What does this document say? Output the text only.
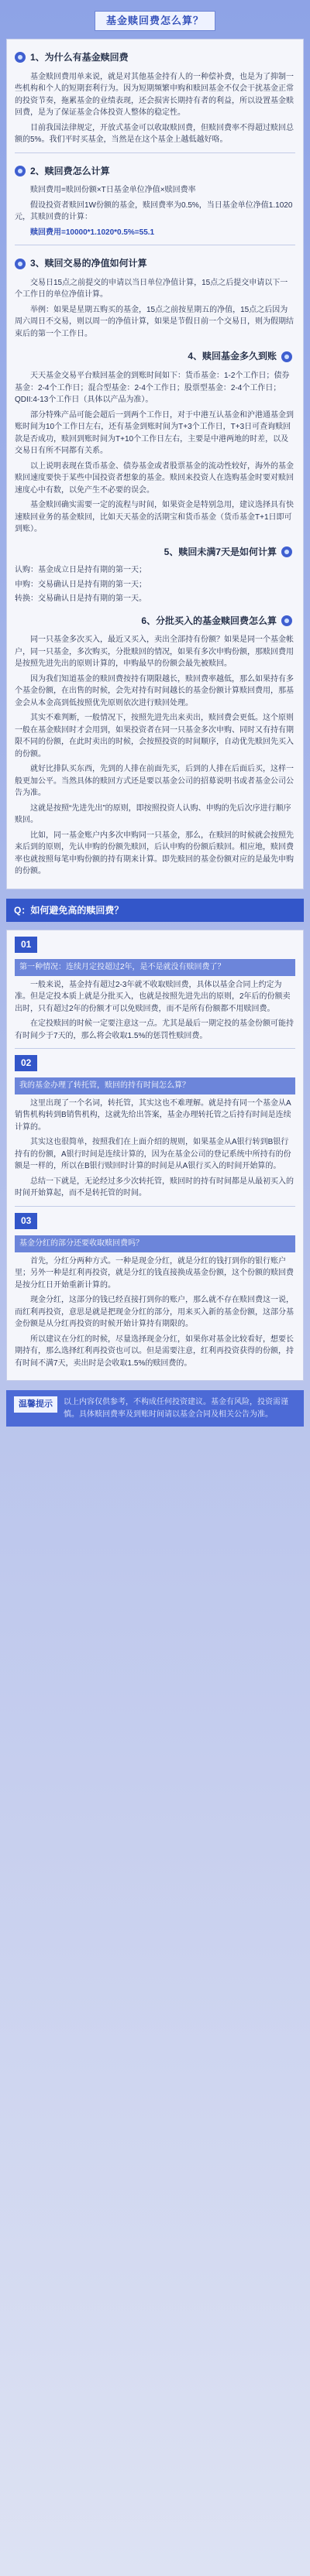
基金赎回费怎么算？
1、为什么有基金赎回费

基金赎回费用单来说，就是对其他基金持有人的一种偿补费，也是为了抑制一些机构和个人的短期套利行为。因为短期频繁申购和赎回基金不仅会干扰基金正常的投资节奏，拖累基金的业绩表现，还会损害长期持有者的利益，所以设置基金赎回费，是为了保证基金合体投资人整体的稳定性。

目前我国法律规定，开放式基金可以收取赎回费，但赎回费率不得超过赎回总额的5%。我们平时买基金，当然是在这个基金上越低越好咯。

2、赎回费怎么计算

赎回费用=赎回份额×T日基金单位净值×赎回费率

假设投资者赎回1W份额的基金，赎回费率为0.5%，当日基金单位净值1.1020元，其赎回费的计算：

赎回费用=10000*1.1020*0.5%=55.1

3、赎回交易的净值如何计算

交易日15点之前提交的申请以当日单位净值计算，15点之后提交申请以下一个工作日的单位净值计算。

举例：如果是星期五购买的基金，15点之前按星期五的净值，15点之后因为周六周日不交易，则以周一的净值计算，如果是节假日前一个交易日，则为假期结束后的第一个工作日。

4、赎回基金多久到账

天天基金交易平台赎回基金的到账时间如下：货币基金：1-2个工作日；债券基金：2-4个工作日；混合型基金：2-4个工作日；股票型基金：2-4个工作日；QDII:4-13个工作日（具体以产品为准）。

部分特殊产品可能会超后一到两个工作日，对于中港互认基金和沪港通基金到账时间为10个工作日左右，还有基金到账时间为T+3个工作日，T+3日可查询赎回款是否成功，赎回到账时间为T+10个工作日左右，主要是中港两地的时差，以及交易日有所不同都有关系。

以上说明表现在货币基金、债券基金或者股票基金的流动性较好，海外的基金赎回速度要快于某些中国投资者想象的基金。赎回来投资人在选购基金时要对赎回速度心中有数，以免产生不必要的误会。

基金赎回确实需要一定的流程与时间，如果资金是特别急用，建议选择具有快速赎回业务的基金赎回，比如天天基金的活期宝和货币基金（货币基金T+1日即可到账）。

5、赎回未满7天是如何计算

认购：基金成立日是持有期的第一天；

申购：交易确认日是持有期的第一天；

转换：交易确认日是持有期的第一天。

6、分批买入的基金赎回费怎么算

同一只基金多次买入，最近又买入，卖出全部持有份额？如果是同一个基金帐户，同一只基金，多次购买，分批赎回的情况，如果有多次申购份额，那赎回费用是按照先进先出的原则计算的，申购最早的份额会最先被赎回。

因为我们知道基金的赎回费按持有期限越长，赎回费率越低，那么如果持有多个基金份额，在出售的时候，会先对持有时间越长的基金份额计算赎回费用，那基金会从本金高到低按照优先原则依次进行赎回处理。

其实不难判断，一般情况下，按照先进先出来卖出，赎回费会更低。这个原则一般在基金赎回时才会用到，如果投资者在同一只基金多次申购、同时又有持有期限不同的份额，在此时卖出的时候，会按照投资的时间顺序，自动优先赎回先买入的份额。

就好比排队买东西，先到的人排在前面先买，后到的人排在后面后买，这样一般更加公平。当然具体的赎回方式还是要以基金公司的招募说明书或者基金公司公告为准。

这就是按照“先进先出”的原则，即按照投资人认购、申购的先后次序进行顺序赎回。

比如，同一基金账户内多次申购同一只基金，那么，在赎回的时候就会按照先来后到的原则，先认申购的份额先赎回，后认申购的份额后赎回。相应地，赎回费率也就按照每笔申购份额的持有期来计算。即先赎回的基金份额对应的是最先申购的份额。

Q：如何避免高的赎回费？
01
第一种情况：连续月定投超过2年，是不是就没有赎回费了？

一般来说，基金持有超过2-3年就不收取赎回费，具体以基金合同上约定为准。但是定投本质上就是分批买入，也就是按照先进先出的原则，2年后的份额卖出时，只有超过2年的份额才可以免赎回费，而不是所有份额都不用赎回费。

在定投赎回的时候一定要注意这一点。尤其是最后一期定投的基金份额可能持有时间少于7天的，那么将会收取1.5%的惩罚性赎回费。

02
我的基金办理了转托管，赎回的持有时间怎么算？

这里出现了一个名词，转托管，其实这也不难理解。就是持有同一个基金从A销售机构转到B销售机构，这就先给出答案，基金办理转托管之后持有时间是连续计算的。

其实这也很简单，按照我们在上面介绍的规则，如果基金从A银行转到B银行持有的份额，A银行时间是连续计算的，因为在基金公司的登记系统中所持有的份额是一样的，所以在B银行赎回时计算的时间是从A银行买入的时间开始算的。

总结一下就是，无论经过多少次转托管，赎回时的持有时间都是从最初买入的时间开始算起，而不是转托管的时间。

03
基金分红的部分还要收取赎回费吗？

首先，分红分两种方式。一种是现金分红，就是分红的钱打到你的银行账户里；另外一种是红利再投资，就是分红的钱直接换成基金份额，这个份额的赎回费是按分红日开始重新计算的。

现金分红，这部分的钱已经直接打到你的账户，那么就不存在赎回费这一说，而红利再投资，意思是就是把现金分红的部分，用来买入新的基金份额，这部分基金份额是从分红再投资的时候开始计算持有期限的。

所以建议在分红的时候，尽量选择现金分红，如果你对基金比较看好，想要长期持有，那么选择红利再投资也可以。但是需要注意，红利再投资获得的份额，持有时间不满7天，卖出时是会收取1.5%的赎回费的。

温馨提示	以上内容仅供参考，不构成任何投资建议。基金有风险，投资需谨慎。具体赎回费率及到账时间请以基金合同及相关公告为准。
